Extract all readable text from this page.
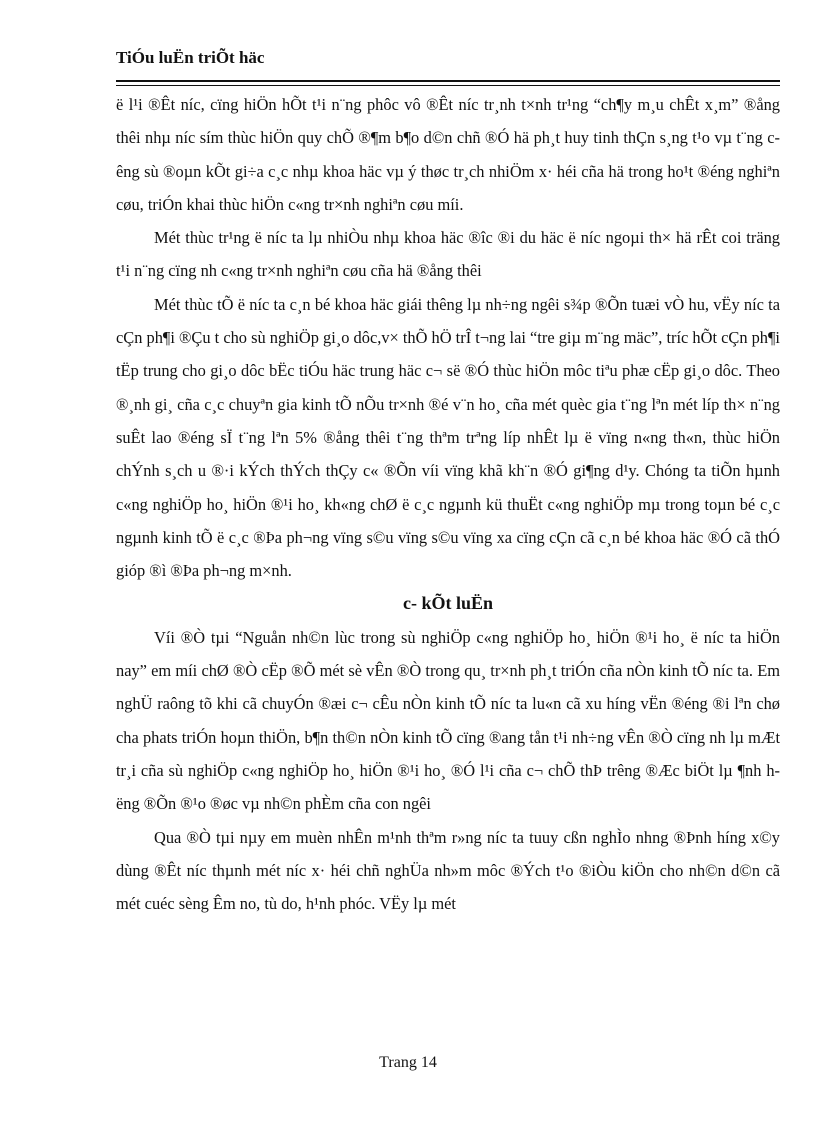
TiÓu luËn triÕt häc

ë l¹i ®Êt níc, cïng hiÖn hÕt t¹i n¨ng phôc vô ®Êt níc tr¸nh t×nh tr¹ng “ch¶y m¸u chÊt x¸m” ®ång thêi nhµ níc sím thùc hiÖn quy chÕ ®¶m b¶o d©n chñ ®Ó hä ph¸t huy tinh thÇn s¸ng t¹o vµ t¨ng cêng sù ®oµn kÕt gi÷a c¸c nhµ khoa häc vµ ý thøc tr¸ch nhiÖm x· héi cña hä trong ho¹t ®éng nghiªn cøu, triÓn khai thùc hiÖn c«ng tr×nh nghiªn cøu míi.

Mét thùc tr¹ng ë níc ta lµ nhiÒu nhµ khoa häc ®îc ®i du häc ë níc ngoµi th× hä rÊt coi träng t¹i n¨ng cïng nh c«ng tr×nh nghiªn cøu cña hä ®ång thêi

Mét thùc tÕ ë níc ta c¸n bé khoa häc giái thêng lµ nh÷ng ngêi s¾p ®Õn tuæi vÒ hu, vËy níc ta cÇn ph¶i ®Çu t cho sù nghiÖp gi¸o dôc,v× thÕ hÖ trÎ t¬ng lai “tre giµ m¨ng mäc”, tríc hÕt cÇn ph¶i tËp trung cho gi¸o dôc bËc tiÓu häc trung häc c¬ së ®Ó thùc hiÖn môc tiªu phæ cËp gi¸o dôc. Theo ®¸nh gi¸ cña c¸c chuyªn gia kinh tÕ nÕu tr×nh ®é v¨n ho¸ cña mét quèc gia t¨ng lªn mét líp th× n¨ng suÊt lao ®éng sÏ t¨ng lªn 5% ®ång thêi t¨ng thªm trªng líp nhÊt lµ ë vïng n«ng th«n, thùc hiÖn chÝnh s¸ch u ®·i kÝch thÝch thÇy c« ®Õn víi vïng khã kh¨n ®Ó gi¶ng d¹y. Chóng ta tiÕn hµnh c«ng nghiÖp ho¸ hiÖn ®¹i ho¸ kh«ng chØ ë c¸c ngµnh kü thuËt c«ng nghiÖp mµ trong toµn bé c¸c ngµnh kinh tÕ ë c¸c ®Þa ph¬ng vïng s©u vïng s©u vïng xa cïng cÇn cã c¸n bé khoa häc ®Ó cã thÓ gióp ®ì ®Þa ph¬ng m×nh.

c- kÕt luËn

Víi ®Ò tµi “Nguån nh©n lùc trong sù nghiÖp c«ng nghiÖp ho¸ hiÖn ®¹i ho¸ ë níc ta hiÖn nay” em míi chØ ®Ò cËp ®Õ mét sè vÊn ®Ò trong qu¸ tr×nh ph¸t triÓn cña nÒn kinh tÕ níc ta. Em nghÜ raông tõ khi cã chuyÓn ®æi c¬ cÊu nÒn kinh tÕ níc ta lu«n cã xu híng vËn ®éng ®i lªn chø cha phats triÓn hoµn thiÖn, b¶n th©n nÒn kinh tÕ cïng ®ang tån t¹i nh÷ng vÊn ®Ò cïng nh lµ mÆt tr¸i cña sù nghiÖp c«ng nghiÖp ho¸ hiÖn ®¹i ho¸ ®Ó l¹i cña c¬ chÕ thÞ trêng ®Æc biÖt lµ ¶nh hëng ®Õn ®¹o ®øc vµ nh©n phÈm cña con ngêi

Qua ®Ò tµi nµy em muèn nhÊn m¹nh thªm r»ng níc ta tuuy cßn nghÌo nhng ®Þnh híng x©y dùng ®Êt níc thµnh mét níc x· héi chñ nghÜa nh»m môc ®Ých t¹o ®iÒu kiÖn cho nh©n d©n cã mét cuéc sèng Êm no, tù do, h¹nh phóc. VËy lµ mét

Trang 14
